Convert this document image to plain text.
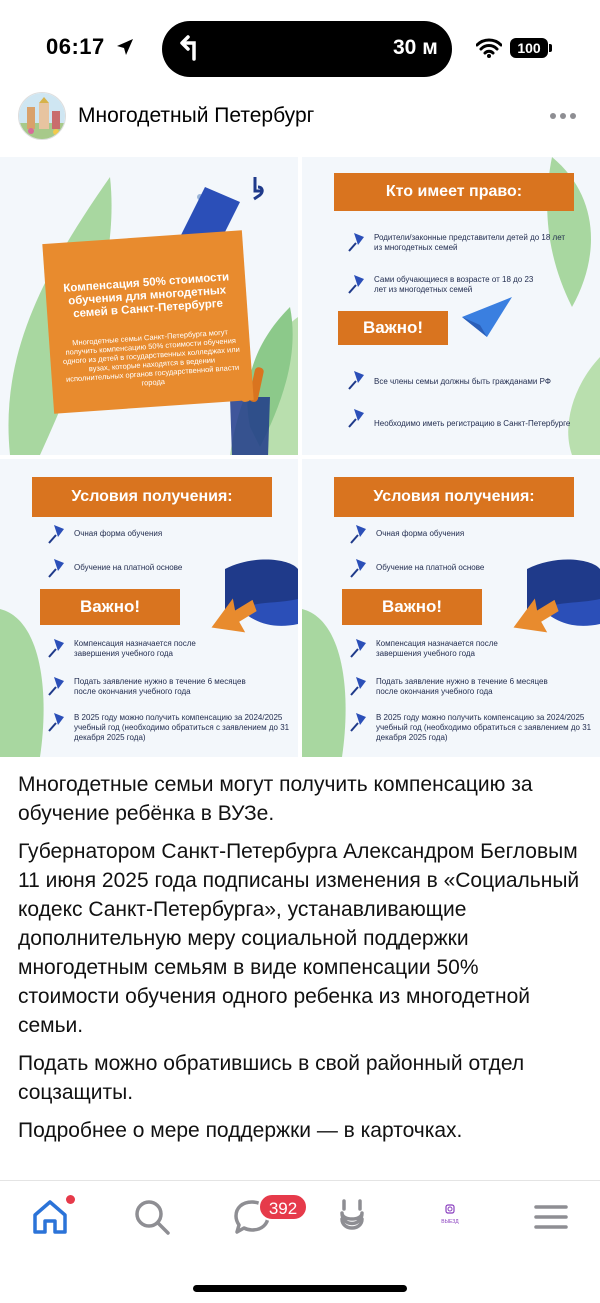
06:17	30 м	100
Многодетный Петербург
Компенсация 50% стоимости обучения для многодетных семей в Санкт-Петербурге
Многодетные семьи Санкт-Петербурга могут получить компенсацию 50% стоимости обучения одного из детей в государственных колледжах или вузах, которые находятся в ведении исполнительных органов государственной власти города
Кто имеет право:
Родители/законные представители детей до 18 лет из многодетных семей
Сами обучающиеся в возрасте от 18 до 23 лет из многодетных семей
Важно!
Все члены семьи должны быть гражданами РФ
Необходимо иметь регистрацию в Санкт-Петербурге
Условия получения:
Очная форма обучения
Обучение на платной основе
Важно!
Компенсация назначается после завершения учебного года
Подать заявление нужно в течение 6 месяцев после окончания учебного года
В 2025 году можно получить компенсацию за 2024/2025 учебный год (необходимо обратиться с заявлением до 31 декабря 2025 года)
Условия получения:
Очная форма обучения
Обучение на платной основе
Важно!
Компенсация назначается после завершения учебного года
Подать заявление нужно в течение 6 месяцев после окончания учебного года
В 2025 году можно получить компенсацию за 2024/2025 учебный год (необходимо обратиться с заявлением до 31 декабря 2025 года)

Многодетные семьи могут получить компенсацию за обучение ребёнка в ВУЗе.

Губернатором Санкт-Петербурга Александром Бегловым 11 июня 2025 года подписаны изменения в «Социальный кодекс Санкт-Петербурга», устанавливающие дополнительную меру социальной поддержки многодетным семьям в виде компенсации 50% стоимости обучения одного ребенка из многодетной семьи.

Подать можно обратившись в свой районный отдел соцзащиты.

Подробнее о мере поддержки — в карточках.

392
ВЫЕЗД
